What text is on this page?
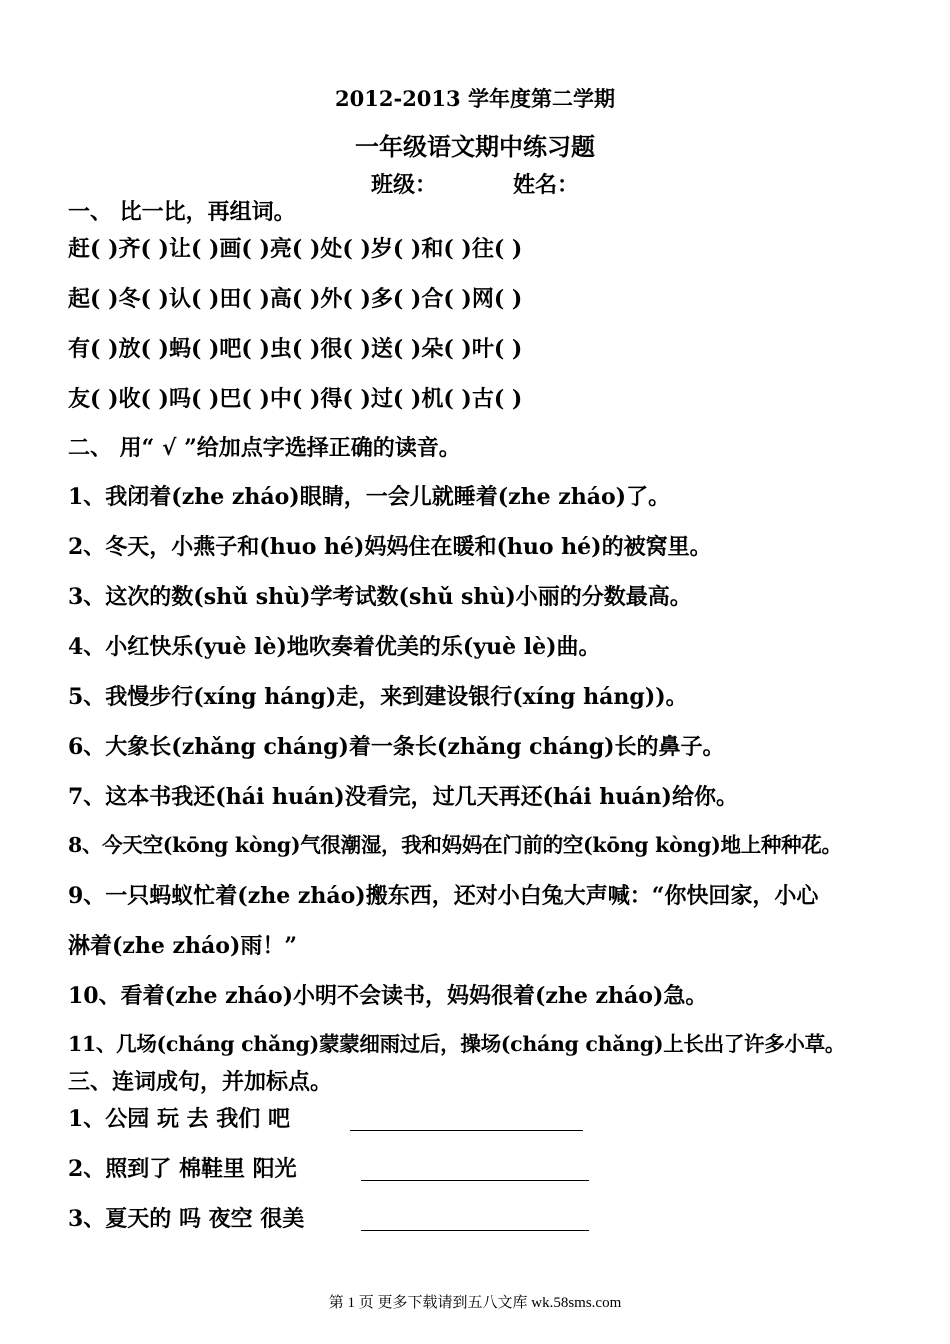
2012-2013 学年度第二学期
一年级语文期中练习题
班级：	姓名：
一、 比一比，再组词。
赶( )齐( )让( )画( )亮( )处( )岁( )和( )往( )
起( )冬( )认( )田( )高( )外( )多( )合( )网( )
有( )放( )蚂( )吧( )虫( )很( )送( )朵( )叶( )
友( )收( )吗( )巴( )中( )得( )过( )机( )古( )
二、 用“ √ ”给加点字选择正确的读音。
1、我闭着(zhe zháo)眼睛，一会儿就睡着(zhe zháo)了。
2、冬天，小燕子和(huo hé)妈妈住在暖和(huo hé)的被窝里。
3、这次的数(shǔ shù)学考试数(shǔ shù)小丽的分数最高。
4、小红快乐(yuè lè)地吹奏着优美的乐(yuè lè)曲。
5、我慢步行(xíng háng)走，来到建设银行(xíng háng))。
6、大象长(zhǎng cháng)着一条长(zhǎng cháng)长的鼻子。
7、这本书我还(hái huán)没看完，过几天再还(hái huán)给你。
8、今天空(kōng kòng)气很潮湿，我和妈妈在门前的空(kōng kòng)地上种种花。
9、一只蚂蚁忙着(zhe zháo)搬东西，还对小白兔大声喊：“你快回家，小心
淋着(zhe zháo)雨！”
10、看着(zhe zháo)小明不会读书，妈妈很着(zhe zháo)急。
11、几场(cháng chǎng)蒙蒙细雨过后，操场(cháng chǎng)上长出了许多小草。
三、连词成句，并加标点。
1、公园 玩 去 我们 吧
2、照到了 棉鞋里 阳光
3、夏天的 吗 夜空 很美
第 1 页 更多下载请到五八文库 wk.58sms.com
